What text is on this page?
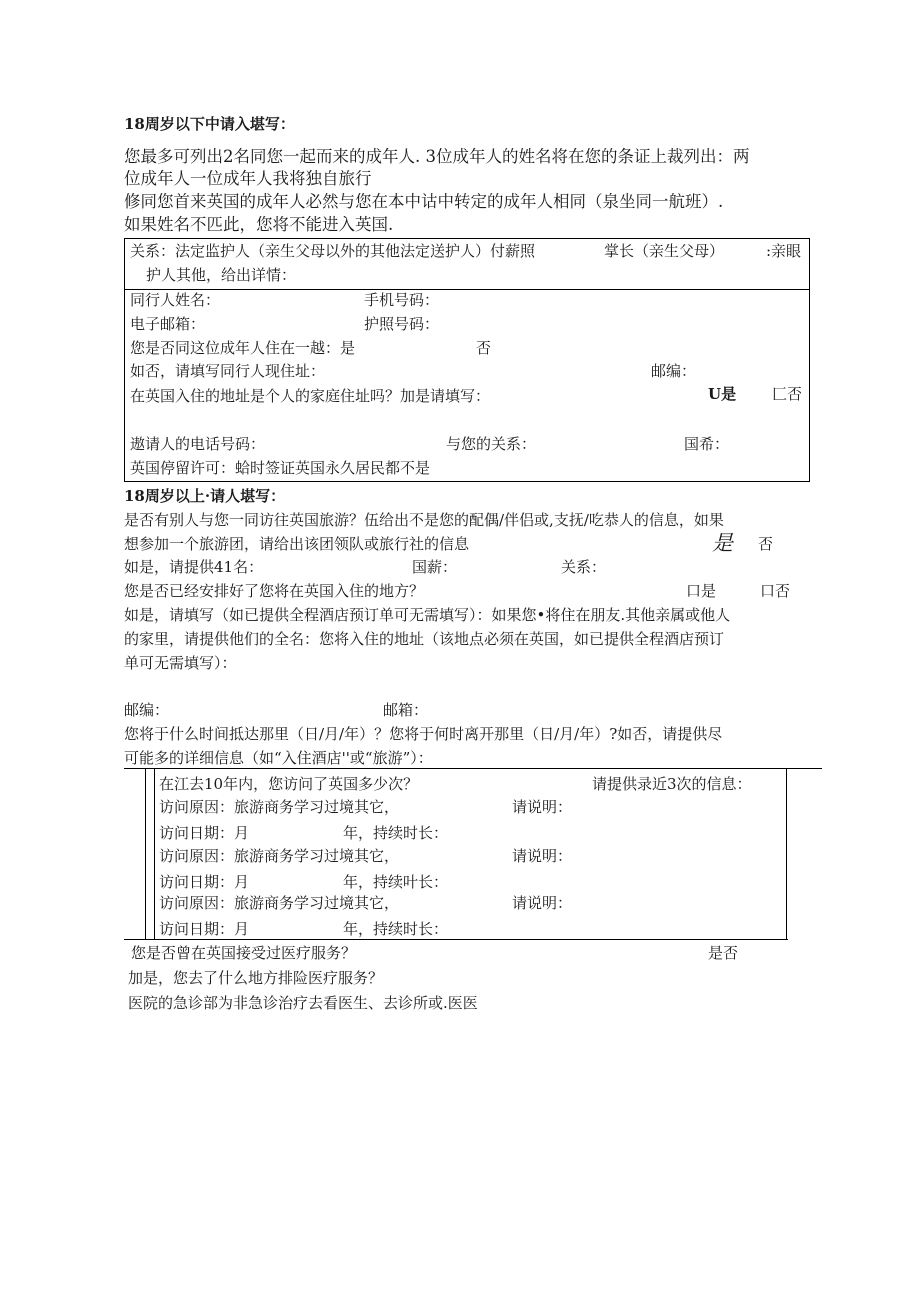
18周岁以下中请入堪写：
您最多可列出2名同您一起而来的成年人. 3位成年人的姓名将在您的条证上裁列出：两
位成年人一位成年人我将独自旅行
修同您首来英国的成年人必然与您在本中诂中转定的成年人相同（泉坐同一航班）.
如果姓名不匹此，您将不能进入英国.
关系：法定监护人（亲生父母以外的其他法定送护人）付薪照	掌长（亲生父母）	:亲眼
护人其他，给出详情：
同行人姓名：	手机号码：
电子邮箱：	护照号码：
您是否同这位成年人住在一越：是	否
如否，请填写同行人现住址：	邮编：
在英国入住的地址是个人的家庭住址吗？加是请填写：	U是 匚否
遨请人的电话号码：	与您的关系：	国希：
英国停留许可：蛤时签证英国永久居民都不是
18周岁以上·请人堪写：
是否有别人与您一同访往英国旅游？伍给出不是您的配偶/伴侣或,支抚/吃恭人的信息，如果
想参加一个旅游团，请给出该团领队或旅行社的信息	是 否
如是，请提供41名：	国薪：	关系：
您是否已经安排好了您将在英国入住的地方？	口是	口否
如是，请填写（如已提供全程酒店预订单可无需填写）：如果您•将住在朋友.其他亲属或他人
的家里，请提供他们的全名：您将入住的地址（该地点必须在英国，如已提供全程酒店预订
单可无需填写）：
邮编：	邮箱：
您将于什么时间抵达那里（日/月/年）？您将于何时离开那里（日/月/年）?如否，请提供尽
可能多的详细信息（如“入住酒店''或“旅游”）：
在江去10年内，您访问了英国多少次？	请提供录近3次的信息：
访问原因：旅游商务学习过境其它，	请说明：
访问日期：月	年，持续时长：
访问原因：旅游商务学习过境其它，	请说明：
访问日期：月	年，持续叶长：
访问原因：旅游商务学习过境其它，	请说明：
访问日期：月	年，持续时长：
您是否曾在英国接受过医疗服务？	是否
加是，您去了什么地方排险医疗服务？
医院的急诊部为非急诊治疗去看医生、去诊所或.医医
